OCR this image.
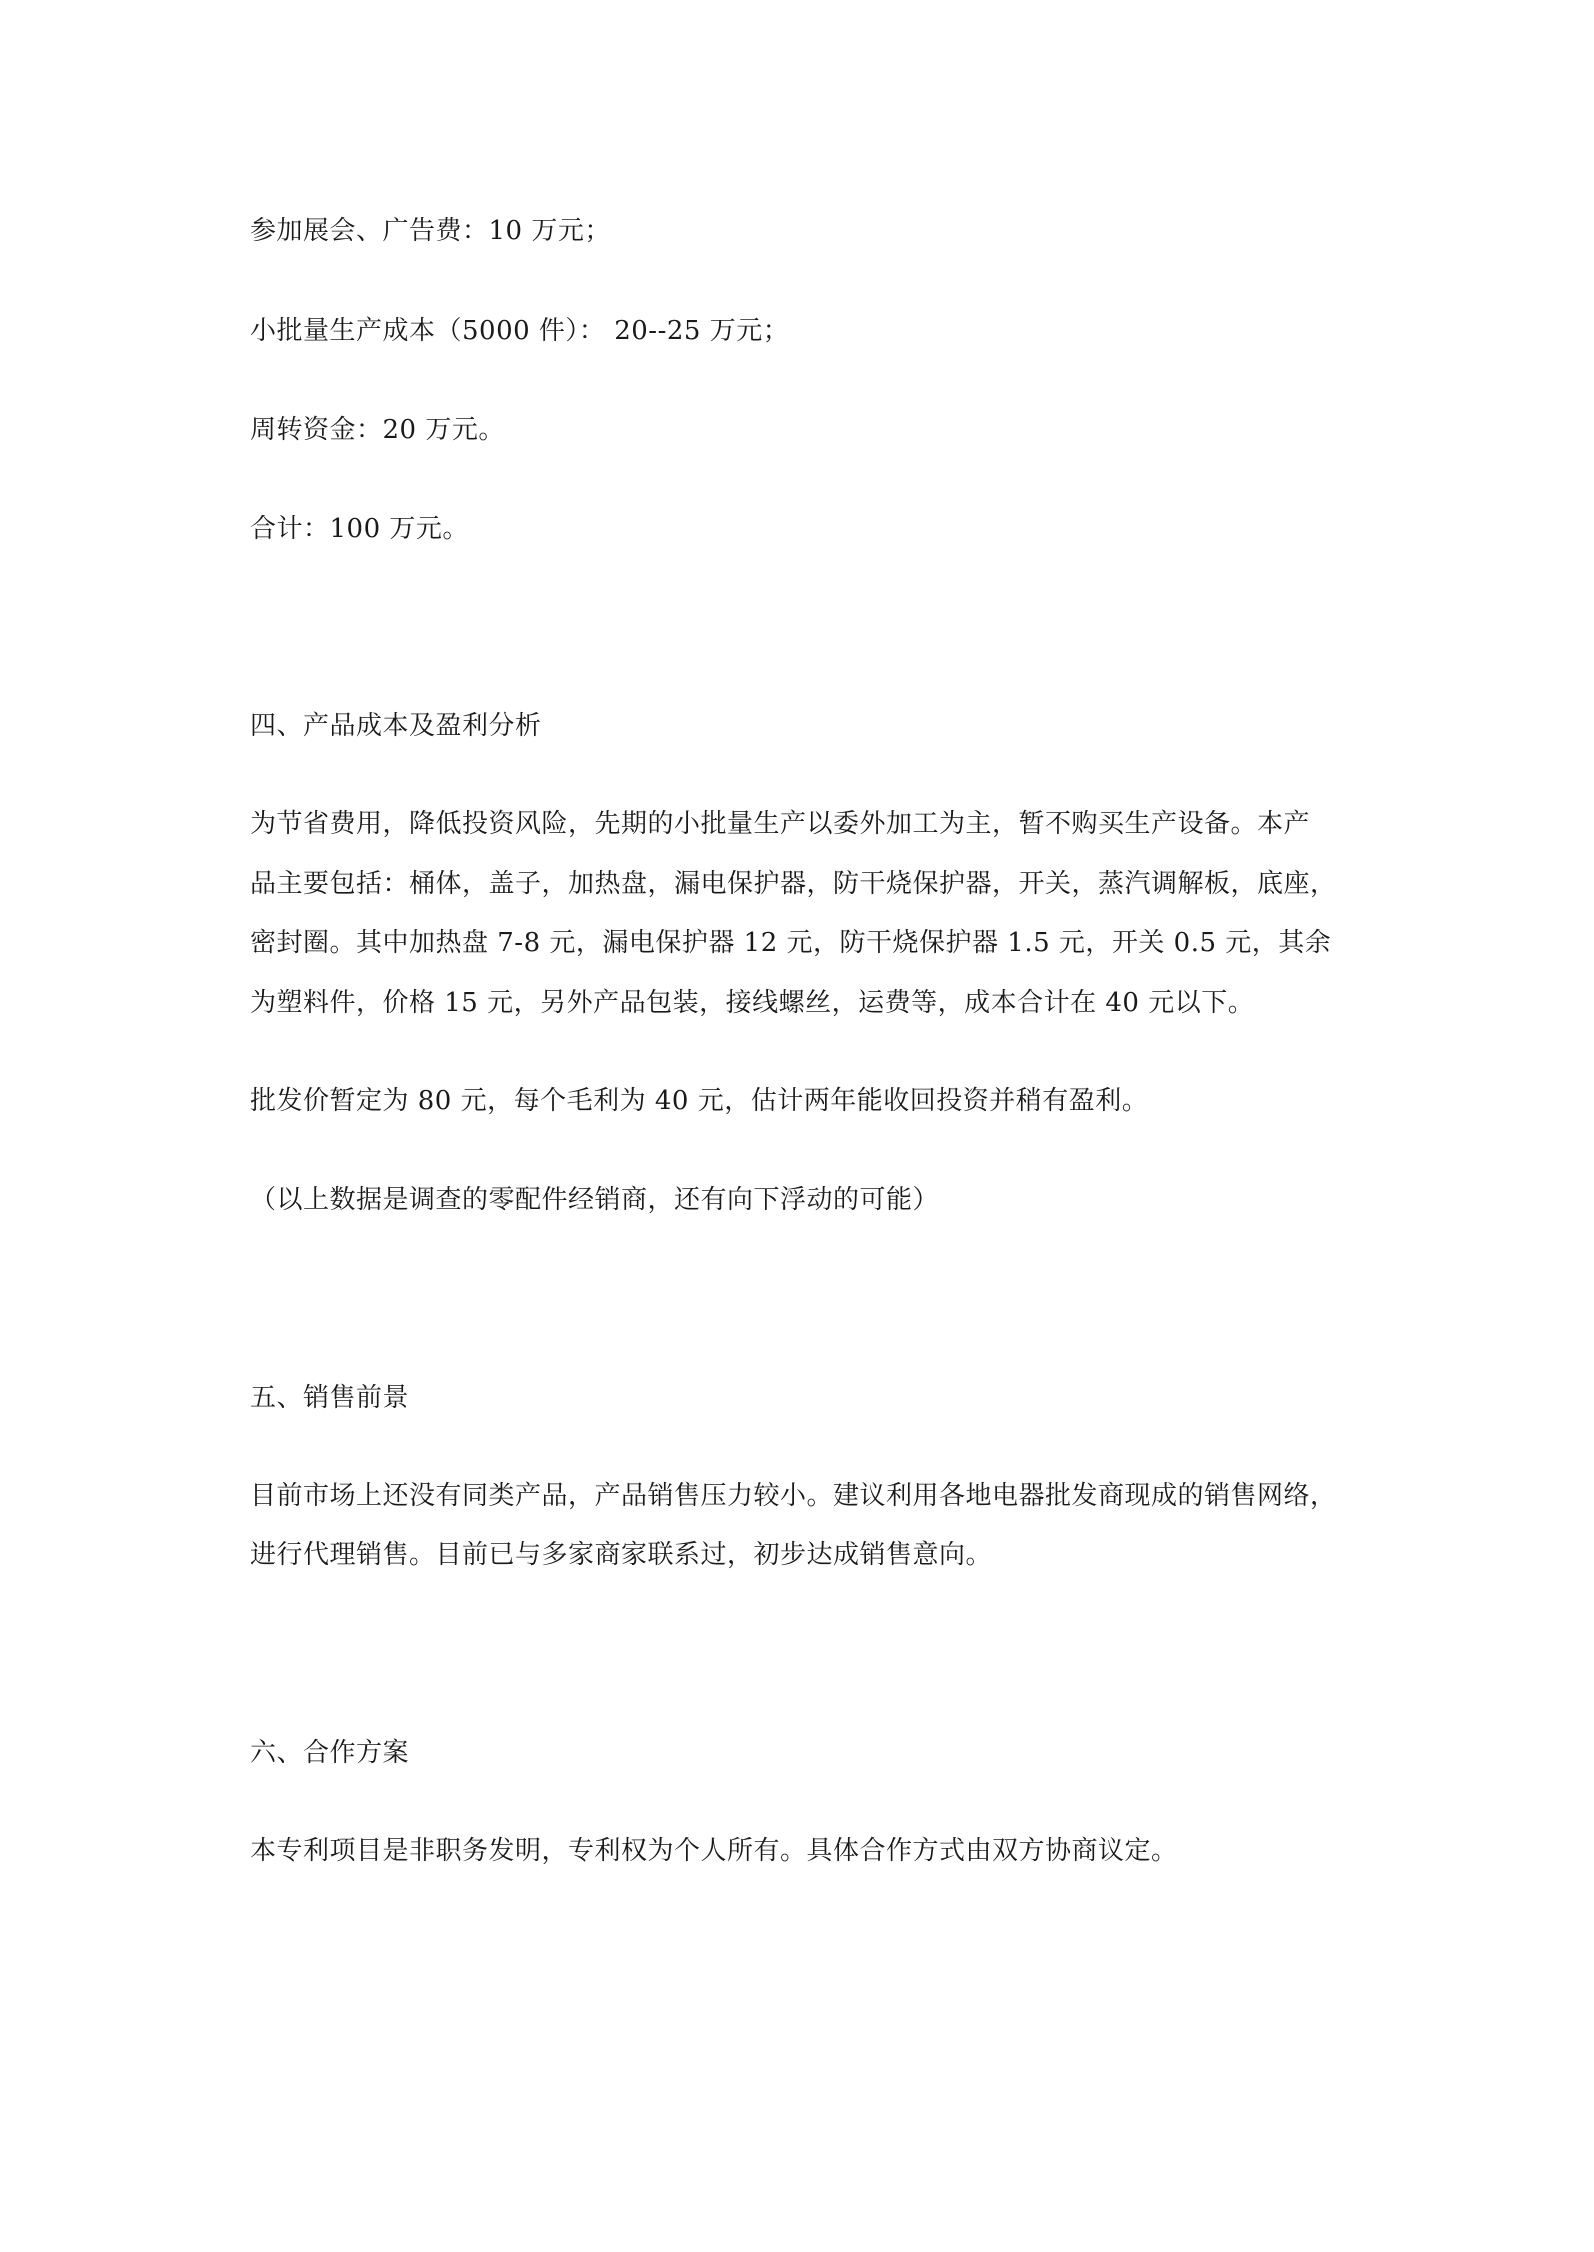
参加展会、广告费：10 万元；
小批量生产成本（5000 件）： 20--25 万元；
周转资金：20 万元。
合计：100 万元。
四、产品成本及盈利分析
为节省费用，降低投资风险，先期的小批量生产以委外加工为主，暂不购买生产设备。本产
品主要包括：桶体，盖子，加热盘，漏电保护器，防干烧保护器，开关，蒸汽调解板，底座，
密封圈。其中加热盘 7-8 元，漏电保护器 12 元，防干烧保护器 1.5 元，开关 0.5 元，其余
为塑料件，价格 15 元，另外产品包装，接线螺丝，运费等，成本合计在 40 元以下。
批发价暂定为 80 元，每个毛利为 40 元，估计两年能收回投资并稍有盈利。
（以上数据是调查的零配件经销商，还有向下浮动的可能）
五、销售前景
目前市场上还没有同类产品，产品销售压力较小。建议利用各地电器批发商现成的销售网络，
进行代理销售。目前已与多家商家联系过，初步达成销售意向。
六、合作方案
本专利项目是非职务发明，专利权为个人所有。具体合作方式由双方协商议定。
